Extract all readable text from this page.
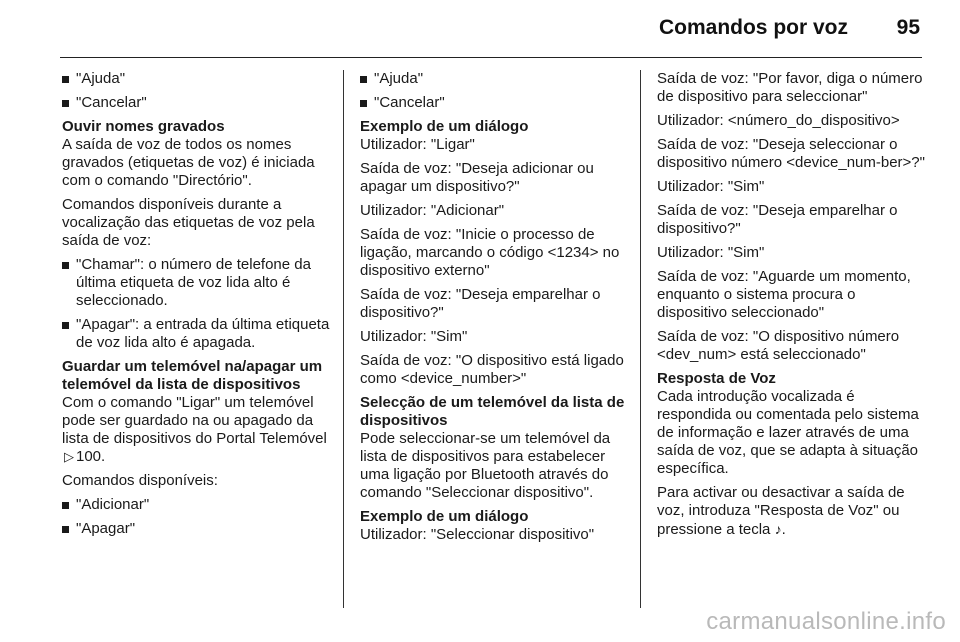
Comandos por voz 95
"Ajuda"
"Cancelar"

Ouvir nomes gravados

A saída de voz de todos os nomes gravados (etiquetas de voz) é iniciada com o comando "Directório".

Comandos disponíveis durante a vocalização das etiquetas de voz pela saída de voz:

"Chamar": o número de telefone da última etiqueta de voz lida alto é seleccionado.
"Apagar": a entrada da última etiqueta de voz lida alto é apagada.

Guardar um telemóvel na/apagar um telemóvel da lista de dispositivos

Com o comando "Ligar" um telemóvel pode ser guardado na ou apagado da lista de dispositivos do Portal Telemóvel ▷ 100.

Comandos disponíveis:

"Adicionar"
"Apagar"
"Ajuda"
"Cancelar"

Exemplo de um diálogo

Utilizador: "Ligar"

Saída de voz: "Deseja adicionar ou apagar um dispositivo?"

Utilizador: "Adicionar"

Saída de voz: "Inicie o processo de ligação, marcando o código <1234> no dispositivo externo"

Saída de voz: "Deseja emparelhar o dispositivo?"

Utilizador: "Sim"

Saída de voz: "O dispositivo está ligado como <device_number>"

Selecção de um telemóvel da lista de dispositivos

Pode seleccionar-se um telemóvel da lista de dispositivos para estabelecer uma ligação por Bluetooth através do comando "Seleccionar dispositivo".

Exemplo de um diálogo

Utilizador: "Seleccionar dispositivo"

Saída de voz: "Por favor, diga o número de dispositivo para seleccionar"

Utilizador: <número_do_dispositivo>

Saída de voz: "Deseja seleccionar o dispositivo número <device_num-ber>?"

Utilizador: "Sim"

Saída de voz: "Deseja emparelhar o dispositivo?"

Utilizador: "Sim"

Saída de voz: "Aguarde um momento, enquanto o sistema procura o dispositivo seleccionado"

Saída de voz: "O dispositivo número <dev_num> está seleccionado"

Resposta de Voz

Cada introdução vocalizada é respondida ou comentada pelo sistema de informação e lazer através de uma saída de voz, que se adapta à situação específica.

Para activar ou desactivar a saída de voz, introduza "Resposta de Voz" ou pressione a tecla ♪.

carmanualsonline.info
